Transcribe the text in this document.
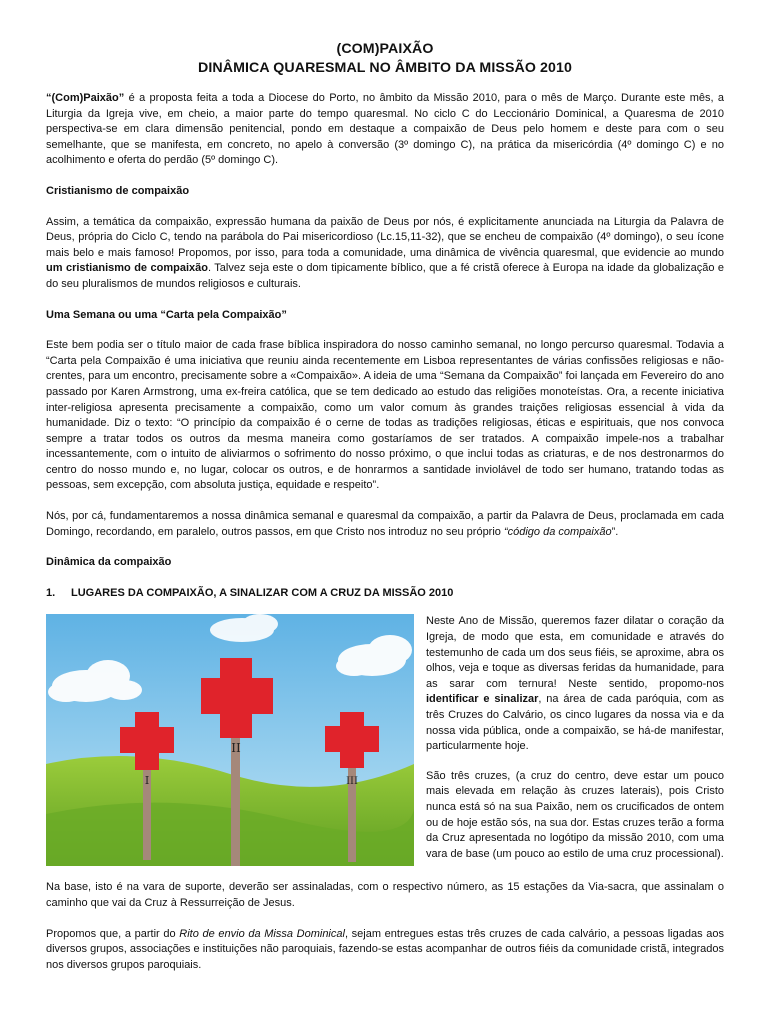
(COM)PAIXÃO
DINÂMICA QUARESMAL NO ÂMBITO DA MISSÃO 2010

“(Com)Paixão” é a proposta feita a toda a Diocese do Porto, no âmbito da Missão 2010, para o mês de Março. Durante este mês, a Liturgia da Igreja vive, em cheio, a maior parte do tempo quaresmal. No ciclo C do Leccionário Dominical, a Quaresma de 2010 perspectiva-se em clara dimensão penitencial, pondo em destaque a compaixão de Deus pelo homem e deste para com o seu semelhante, que se manifesta, em concreto, no apelo à conversão (3º domingo C), na prática da misericórdia (4º domingo C) e no acolhimento e oferta do perdão (5º domingo C).

Cristianismo de compaixão

Assim, a temática da compaixão, expressão humana da paixão de Deus por nós, é explicitamente anunciada na Liturgia da Palavra de Deus, própria do Ciclo C, tendo na parábola do Pai misericordioso (Lc.15,11-32), que se encheu de compaixão (4º domingo), o seu ícone mais belo e mais famoso! Propomos, por isso, para toda a comunidade, uma dinâmica de vivência quaresmal, que evidencie ao mundo um cristianismo de compaixão. Talvez seja este o dom tipicamente bíblico, que a fé cristã oferece à Europa na idade da globalização e do seu pluralismos de mundos religiosos e culturais.

Uma Semana ou uma “Carta pela Compaixão”

Este bem podia ser o título maior de cada frase bíblica inspiradora do nosso caminho semanal, no longo percurso quaresmal. Todavia a “Carta pela Compaixão é uma iniciativa que reuniu ainda recentemente em Lisboa representantes de várias confissões religiosas e não-crentes, para um encontro, precisamente sobre a «Compaixão». A ideia de uma “Semana da Compaixão” foi lançada em Fevereiro do ano passado por Karen Armstrong, uma ex-freira católica, que se tem dedicado ao estudo das religiões monoteístas. Ora, a recente iniciativa inter-religiosa apresenta precisamente a compaixão, como um valor comum às grandes traições religiosas essencial à vida da humanidade. Diz o texto: “O princípio da compaixão é o cerne de todas as tradições religiosas, éticas e espirituais, que nos convoca sempre a tratar todos os outros da mesma maneira como gostaríamos de ser tratados. A compaixão impele-nos a trabalhar incessantemente, com o intuito de aliviarmos o sofrimento do nosso próximo, o que inclui todas as criaturas, e de nos destronarmos do centro do nosso mundo e, no lugar, colocar os outros, e de honrarmos a santidade inviolável de todo ser humano, tratando todas as pessoas, sem excepção, com absoluta justiça, equidade e respeito”.

Nós, por cá, fundamentaremos a nossa dinâmica semanal e quaresmal da compaixão, a partir da Palavra de Deus, proclamada em cada Domingo, recordando, em paralelo, outros passos, em que Cristo nos introduz no seu próprio “código da compaixão”.

Dinâmica da compaixão
1.	LUGARES DA COMPAIXÃO, A SINALIZAR COM A CRUZ DA MISSÃO 2010
I
II
III

Neste Ano de Missão, queremos fazer dilatar o coração da Igreja, de modo que esta, em comunidade e através do testemunho de cada um dos seus fiéis, se aproxime, abra os olhos, veja e toque as diversas feridas da humanidade, para as sarar com ternura! Neste sentido, propomo-nos identificar e sinalizar, na área de cada paróquia, com as três Cruzes do Calvário, os cinco lugares da nossa via e da nossa vida pública, onde a compaixão, se há-de manifestar, particularmente hoje.

São três cruzes, (a cruz do centro, deve estar um pouco mais elevada em relação às cruzes laterais), pois Cristo nunca está só na sua Paixão, nem os crucificados de ontem ou de hoje estão sós, na sua dor. Estas cruzes terão a forma da Cruz apresentada no logótipo da missão 2010, com uma vara de base (um pouco ao estilo de uma cruz processional).

Na base, isto é na vara de suporte, deverão ser assinaladas, com o respectivo número, as 15 estações da Via-sacra, que assinalam o caminho que vai da Cruz à Ressurreição de Jesus.

Propomos que, a partir do Rito de envio da Missa Dominical, sejam entregues estas três cruzes de cada calvário, a pessoas ligadas aos diversos grupos, associações e instituições não paroquiais, fazendo-se estas acompanhar de outros fiéis da comunidade cristã, integrados nos diversos grupos paroquiais.
